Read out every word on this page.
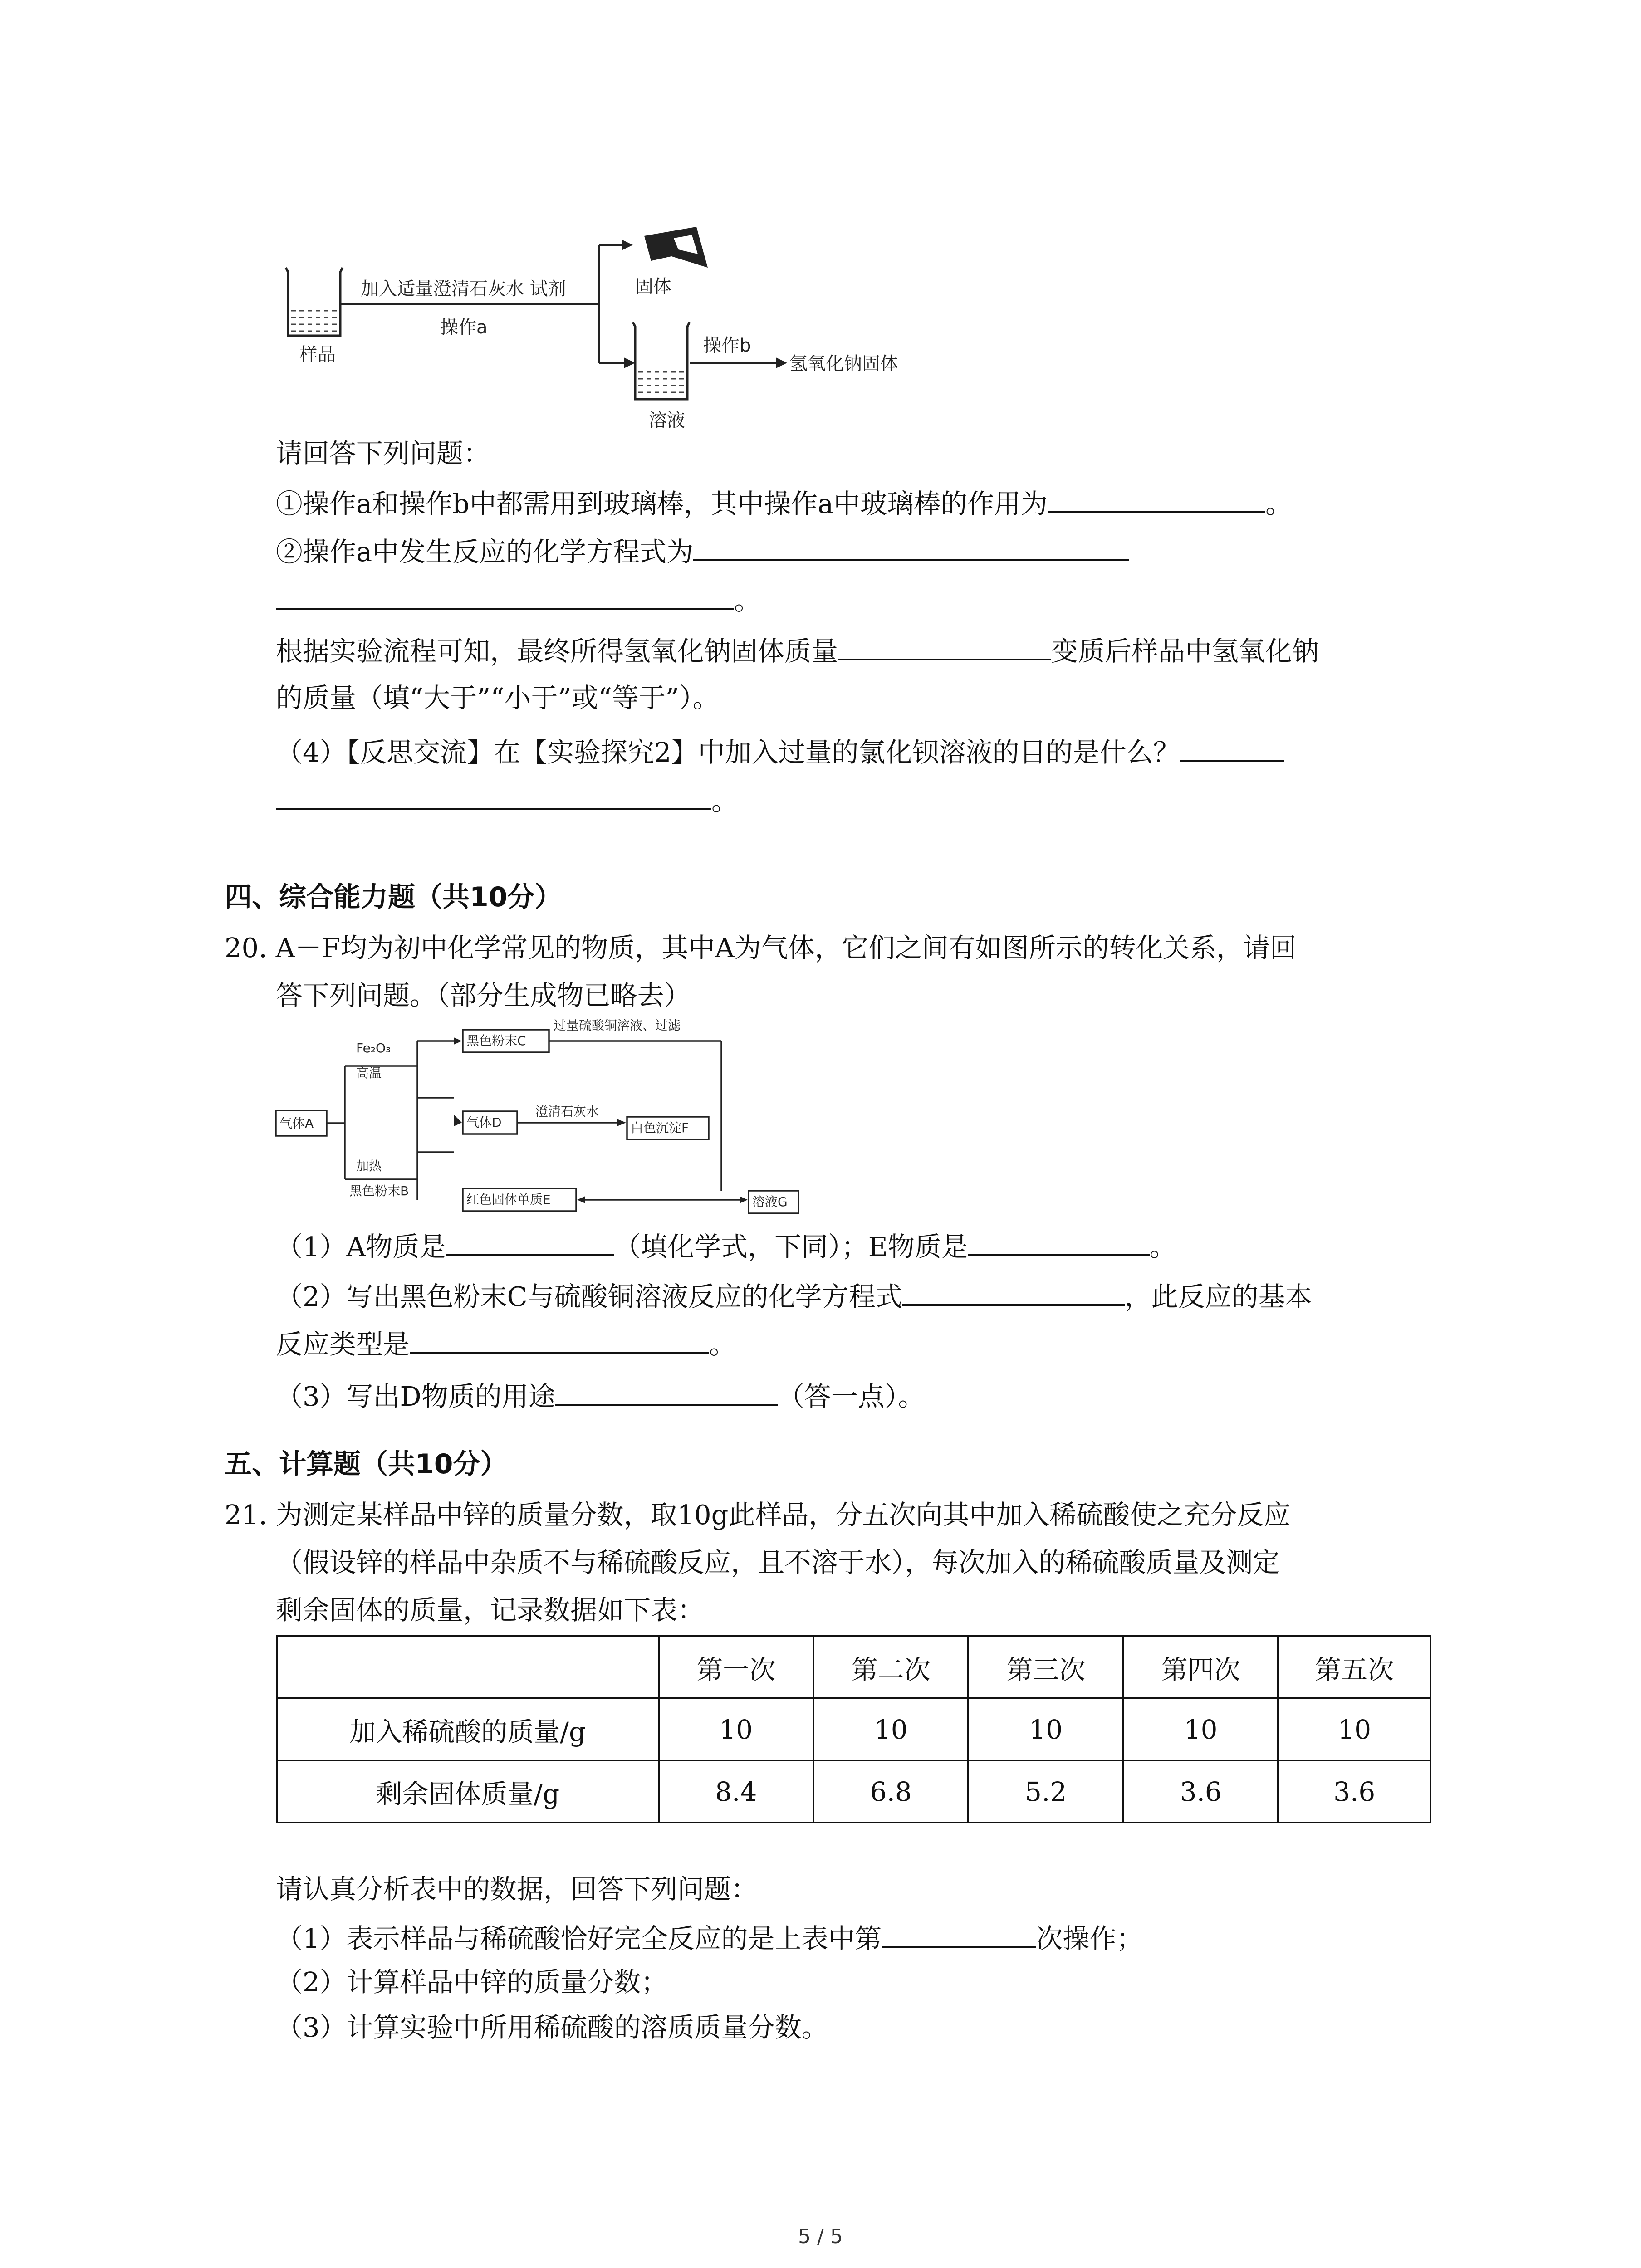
样品
加入适量澄清石灰水 试剂
操作a
固体
溶液
操作b
氢氧化钠固体
请回答下列问题：
①操作a和操作b中都需用到玻璃棒，其中操作a中玻璃棒的作用为	。
②操作a中发生反应的化学方程式为
。
根据实验流程可知，最终所得氢氧化钠固体质量	变质后样品中氢氧化钠
的质量（填“大于”“小于”或“等于”）。
（4）【反思交流】在【实验探究2】中加入过量的氯化钡溶液的目的是什么？
。
四、综合能力题（共10分）
20. A－F均为初中化学常见的物质，其中A为气体，它们之间有如图所示的转化关系，请回
答下列问题。（部分生成物已略去）
气体A
Fe₂O₃
高温
加热
黑色粉末B
黑色粉末C
过量硫酸铜溶液、过滤
气体D
澄清石灰水
白色沉淀F
红色固体单质E	溶液G
（1）A物质是	（填化学式，下同）；E物质是	。
（2）写出黑色粉末C与硫酸铜溶液反应的化学方程式	，此反应的基本
反应类型是	。
（3）写出D物质的用途	（答一点）。
五、计算题（共10分）
21. 为测定某样品中锌的质量分数，取10g此样品，分五次向其中加入稀硫酸使之充分反应
（假设锌的样品中杂质不与稀硫酸反应，且不溶于水），每次加入的稀硫酸质量及测定
剩余固体的质量，记录数据如下表：
	第一次	第二次	第三次	第四次	第五次
加入稀硫酸的质量/g	10	10	10	10	10
剩余固体质量/g	8.4	6.8	5.2	3.6	3.6
请认真分析表中的数据，回答下列问题：
（1）表示样品与稀硫酸恰好完全反应的是上表中第	次操作；
（2）计算样品中锌的质量分数；
（3）计算实验中所用稀硫酸的溶质质量分数。
5 / 5
